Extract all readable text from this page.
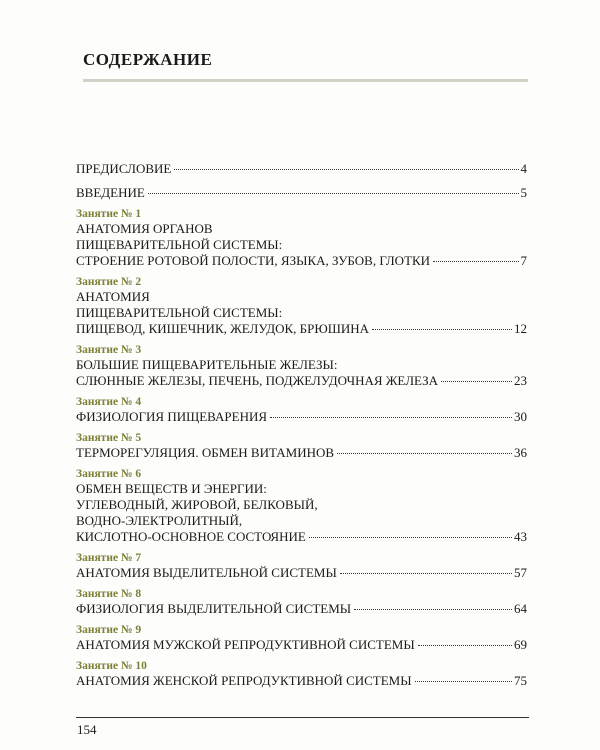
СОДЕРЖАНИЕ
ПРЕДИСЛОВИЕ	4
ВВЕДЕНИЕ	5
Занятие № 1
АНАТОМИЯ ОРГАНОВ
ПИЩЕВАРИТЕЛЬНОЙ СИСТЕМЫ:
СТРОЕНИЕ РОТОВОЙ ПОЛОСТИ, ЯЗЫКА, ЗУБОВ, ГЛОТКИ	7
Занятие № 2
АНАТОМИЯ
ПИЩЕВАРИТЕЛЬНОЙ СИСТЕМЫ:
ПИЩЕВОД, КИШЕЧНИК, ЖЕЛУДОК, БРЮШИНА	12
Занятие № 3
БОЛЬШИЕ ПИЩЕВАРИТЕЛЬНЫЕ ЖЕЛЕЗЫ:
СЛЮННЫЕ ЖЕЛЕЗЫ, ПЕЧЕНЬ, ПОДЖЕЛУДОЧНАЯ ЖЕЛЕЗА	23
Занятие № 4
ФИЗИОЛОГИЯ ПИЩЕВАРЕНИЯ	30
Занятие № 5
ТЕРМОРЕГУЛЯЦИЯ. ОБМЕН ВИТАМИНОВ	36
Занятие № 6
ОБМЕН ВЕЩЕСТВ И ЭНЕРГИИ:
УГЛЕВОДНЫЙ, ЖИРОВОЙ, БЕЛКОВЫЙ,
ВОДНО-ЭЛЕКТРОЛИТНЫЙ,
КИСЛОТНО-ОСНОВНОЕ СОСТОЯНИЕ	43
Занятие № 7
АНАТОМИЯ ВЫДЕЛИТЕЛЬНОЙ СИСТЕМЫ	57
Занятие № 8
ФИЗИОЛОГИЯ ВЫДЕЛИТЕЛЬНОЙ СИСТЕМЫ	64
Занятие № 9
АНАТОМИЯ МУЖСКОЙ РЕПРОДУКТИВНОЙ СИСТЕМЫ	69
Занятие № 10
АНАТОМИЯ ЖЕНСКОЙ РЕПРОДУКТИВНОЙ СИСТЕМЫ	75
154
